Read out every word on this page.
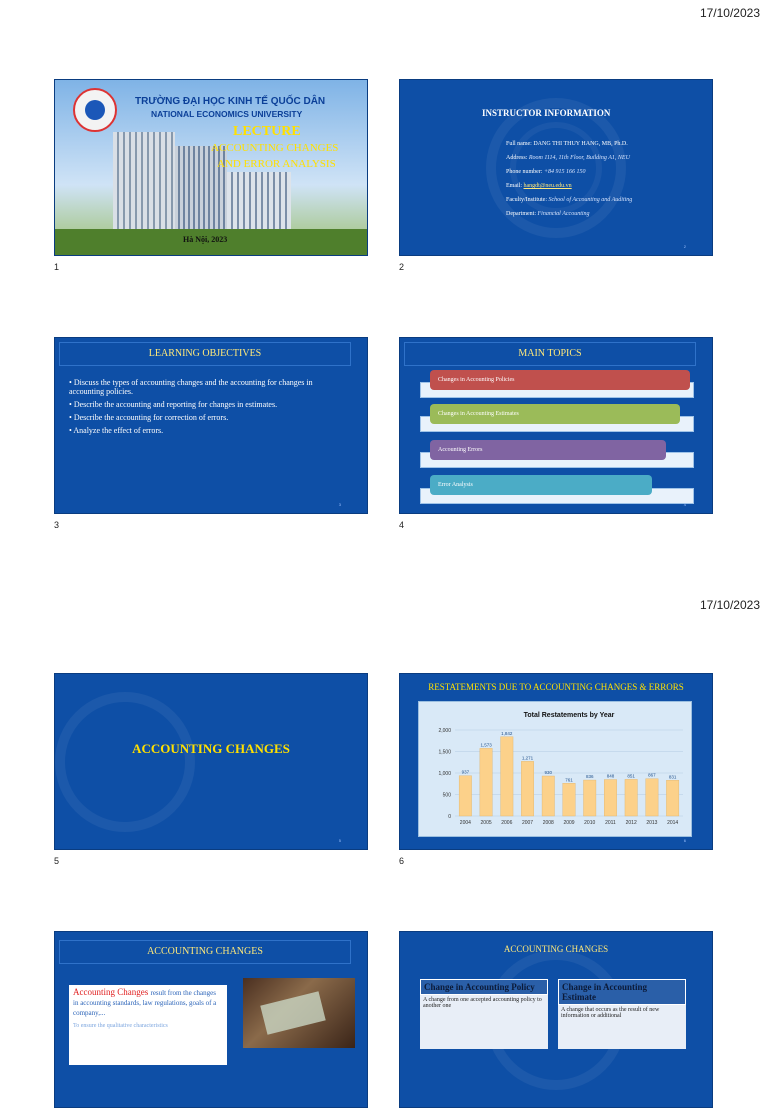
17/10/2023
TRƯỜNG ĐẠI HỌC KINH TẾ QUỐC DÂN
NATIONAL ECONOMICS UNIVERSITY
LECTURE
ACCOUNTING CHANGES
AND ERROR ANALYSIS
Hà Nội, 2023
1
INSTRUCTOR INFORMATION
Full name: DANG THI THUY HANG, MB, Ph.D.
Address: Room 1114, 11th Floor, Building A1, NEU
Phone number: +84 915 166 150
Email: hangdt@neu.edu.vn
Faculty/Institute: School of Accounting and Auditing
Department: Financial Accounting
2
2
LEARNING OBJECTIVES
• Discuss the types of accounting changes and the accounting for changes in accounting policies.
• Describe the accounting and reporting for changes in estimates.
• Describe the accounting for correction of errors.
• Analyze the effect of errors.
3
3
MAIN TOPICS
Changes in Accounting Policies
Changes in Accounting Estimates
Accounting Errors
Error Analysis
4
4
17/10/2023
ACCOUNTING CHANGES
5
5
RESTATEMENTS DUE TO ACCOUNTING CHANGES & ERRORS
Total Restatements by Year
0
500
1,000
1,500
2,000
937
2004
1,573
2005
1,842
2006
1,271
2007
930
2008
761
2009
836
2010
848
2011
851
2012
867
2013
831
2014
6
6
ACCOUNTING CHANGES
Accounting Changes result from the changes in accounting standards, law regulations, goals of a company,...
To ensure the qualitative characteristics
ACCOUNTING CHANGES
Change in Accounting Policy
A change from one accepted accounting policy to another one
Change in Accounting Estimate
A change that occurs as the result of new information or additional
